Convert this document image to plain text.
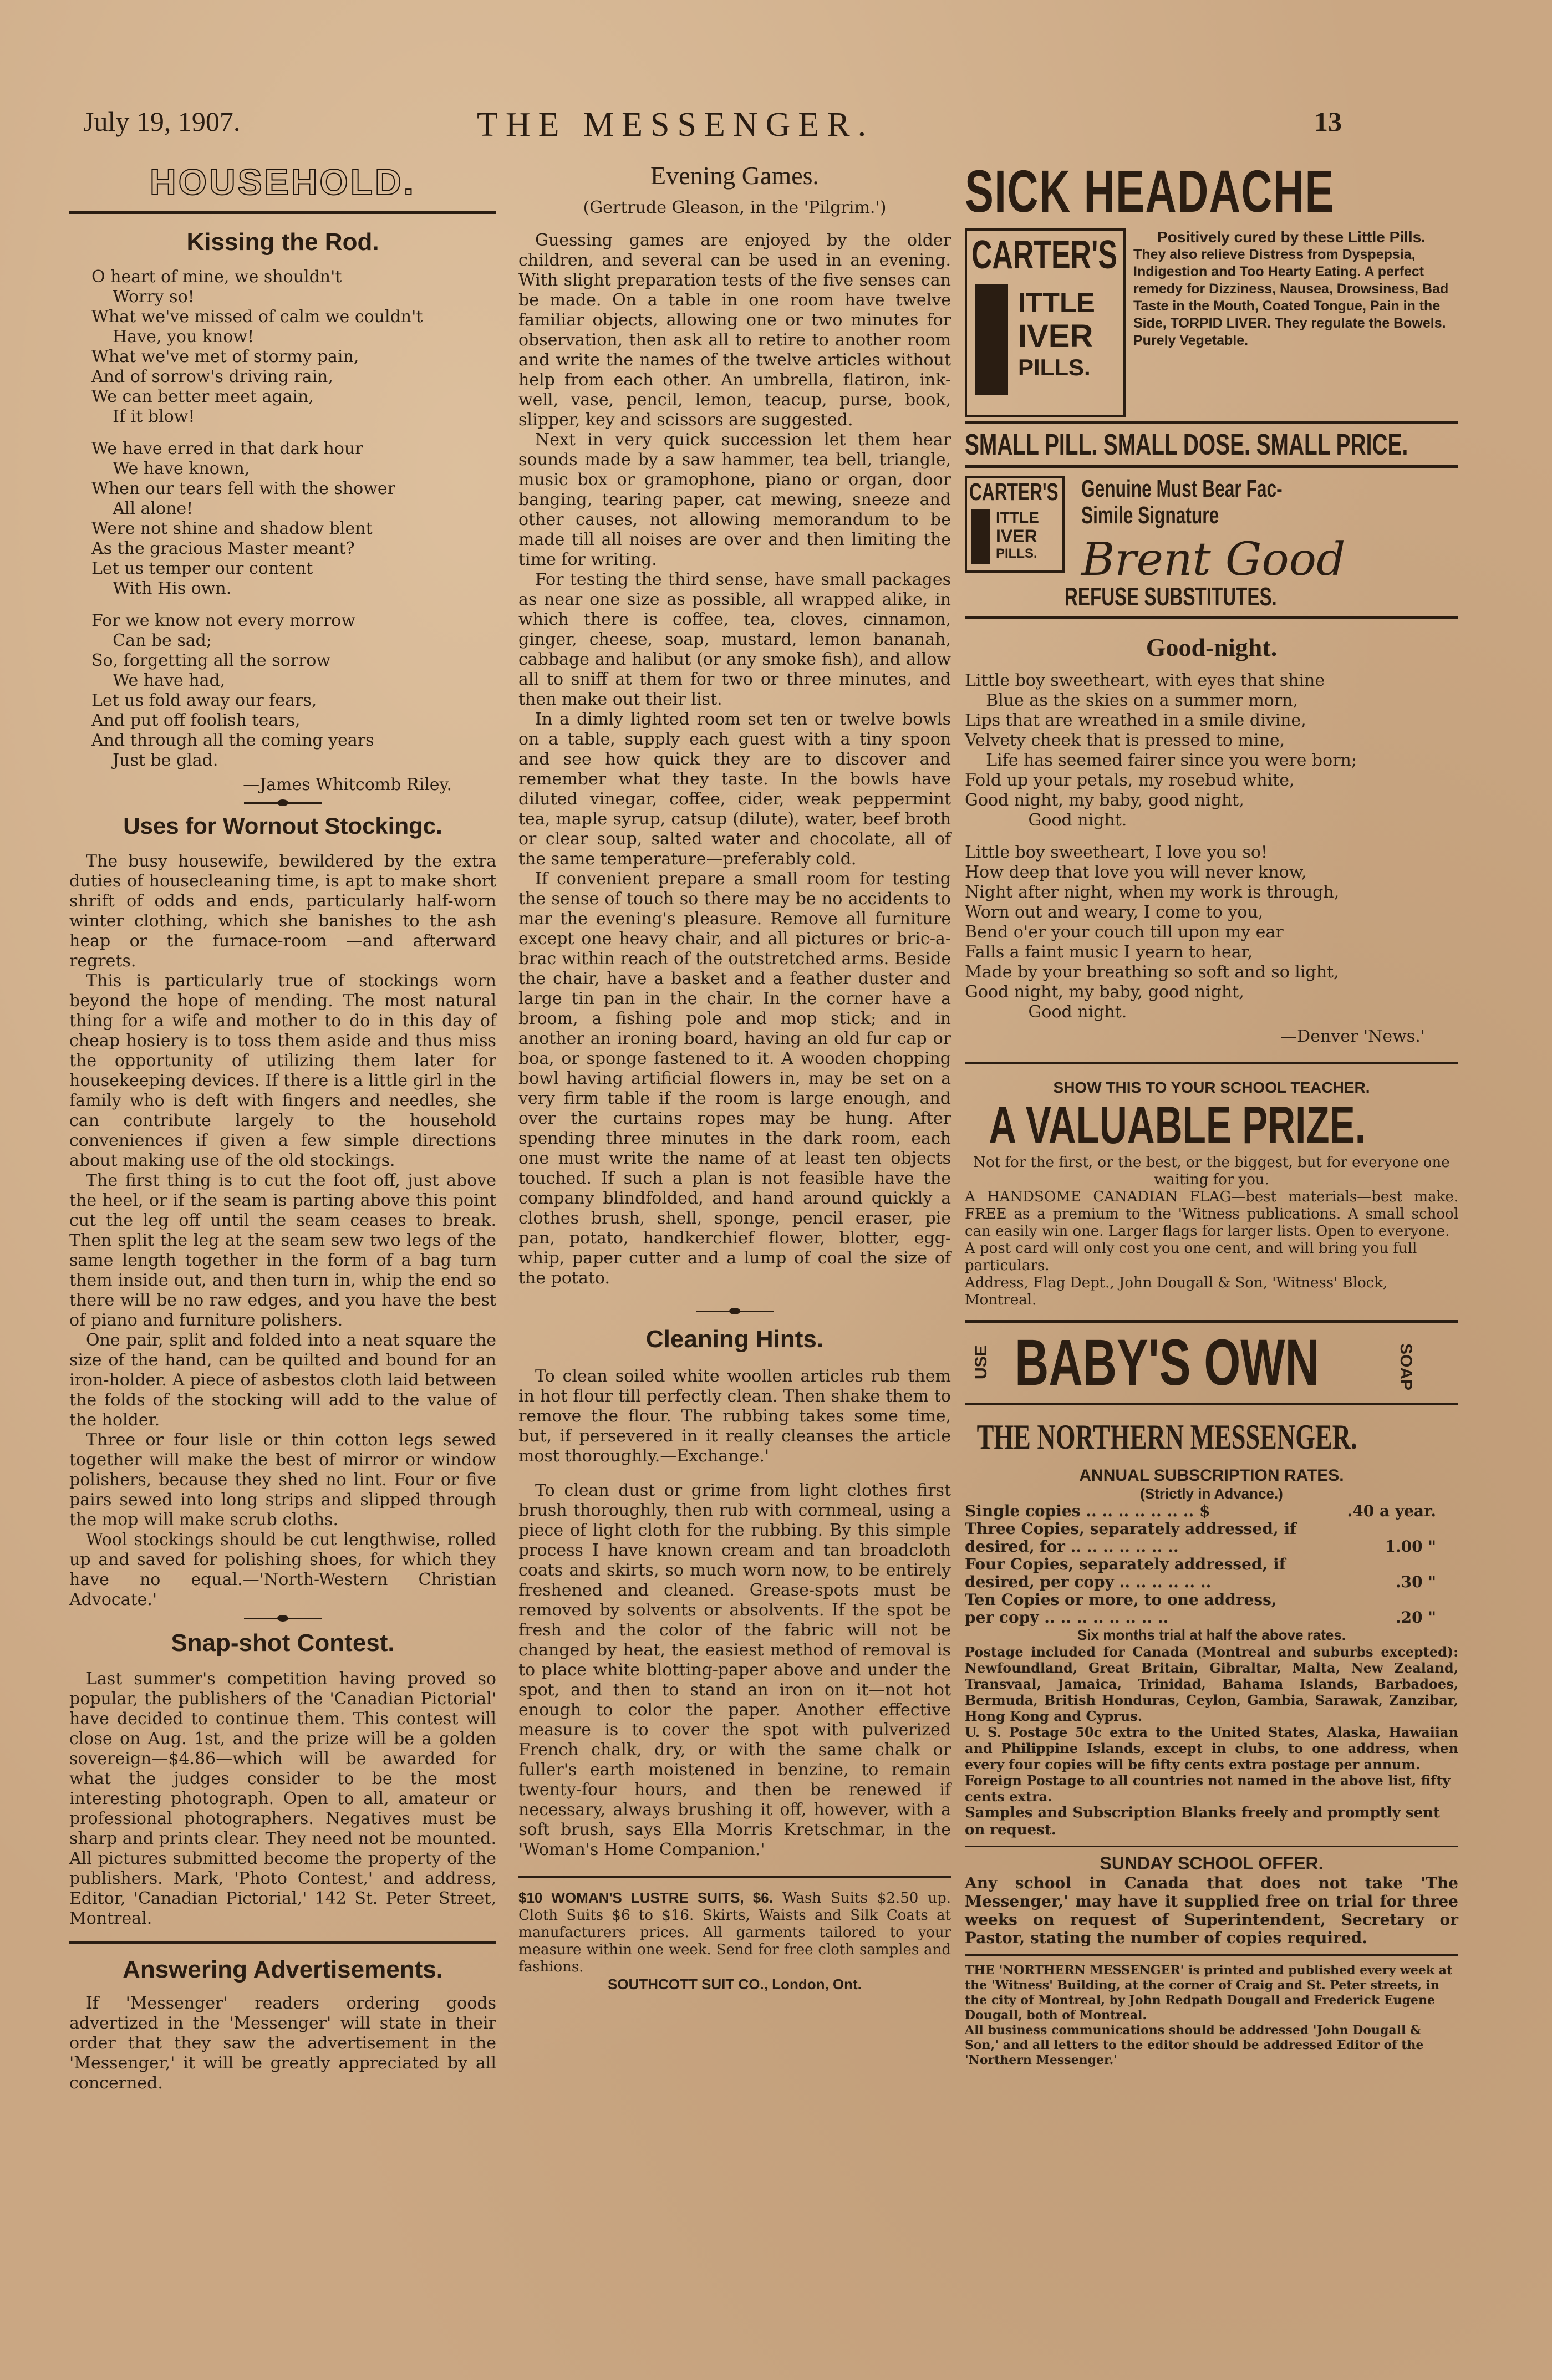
July 19, 1907.	THE MESSENGER.	13
HOUSEHOLD.
Kissing the Rod.
O heart of mine, we shouldn't
Worry so!
What we've missed of calm we couldn't
Have, you know!
What we've met of stormy pain,
And of sorrow's driving rain,
We can better meet again,
If it blow!

We have erred in that dark hour
We have known,
When our tears fell with the shower
All alone!
Were not shine and shadow blent
As the gracious Master meant?
Let us temper our content
With His own.

For we know not every morrow
Can be sad;
So, forgetting all the sorrow
We have had,
Let us fold away our fears,
And put off foolish tears,
And through all the coming years
Just be glad.
—James Whitcomb Riley.
Uses for Wornout Stockingc.

The busy housewife, bewildered by the extra duties of housecleaning time, is apt to make short shrift of odds and ends, particularly half-worn winter clothing, which she banishes to the ash heap or the furnace-room —and afterward regrets.

This is particularly true of stockings worn beyond the hope of mending. The most natural thing for a wife and mother to do in this day of cheap hosiery is to toss them aside and thus miss the opportunity of utilizing them later for housekeeping devices. If there is a little girl in the family who is deft with fingers and needles, she can contribute largely to the household conveniences if given a few simple directions about making use of the old stockings.

The first thing is to cut the foot off, just above the heel, or if the seam is parting above this point cut the leg off until the seam ceases to break. Then split the leg at the seam sew two legs of the same length together in the form of a bag turn them inside out, and then turn in, whip the end so there will be no raw edges, and you have the best of piano and furniture polishers.

One pair, split and folded into a neat square the size of the hand, can be quilted and bound for an iron-holder. A piece of asbestos cloth laid between the folds of the stocking will add to the value of the holder.

Three or four lisle or thin cotton legs sewed together will make the best of mirror or window polishers, because they shed no lint. Four or five pairs sewed into long strips and slipped through the mop will make scrub cloths.

Wool stockings should be cut lengthwise, rolled up and saved for polishing shoes, for which they have no equal.—'North-Western Christian Advocate.'

Snap-shot Contest.

Last summer's competition having proved so popular, the publishers of the 'Canadian Pictorial' have decided to continue them. This contest will close on Aug. 1st, and the prize will be a golden sovereign—$4.86—which will be awarded for what the judges consider to be the most interesting photograph. Open to all, amateur or professional photographers. Negatives must be sharp and prints clear. They need not be mounted. All pictures submitted become the property of the publishers. Mark, 'Photo Contest,' and address, Editor, 'Canadian Pictorial,' 142 St. Peter Street, Montreal.

Answering Advertisements.

If 'Messenger' readers ordering goods advertized in the 'Messenger' will state in their order that they saw the advertisement in the 'Messenger,' it will be greatly appreciated by all concerned.

Evening Games.
(Gertrude Gleason, in the 'Pilgrim.')

Guessing games are enjoyed by the older children, and several can be used in an evening. With slight preparation tests of the five senses can be made. On a table in one room have twelve familiar objects, allowing one or two minutes for observation, then ask all to retire to another room and write the names of the twelve articles without help from each other. An umbrella, flatiron, ink-well, vase, pencil, lemon, teacup, purse, book, slipper, key and scissors are suggested.

Next in very quick succession let them hear sounds made by a saw hammer, tea bell, triangle, music box or gramophone, piano or organ, door banging, tearing paper, cat mewing, sneeze and other causes, not allowing memorandum to be made till all noises are over and then limiting the time for writing.

For testing the third sense, have small packages as near one size as possible, all wrapped alike, in which there is coffee, tea, cloves, cinnamon, ginger, cheese, soap, mustard, lemon bananah, cabbage and halibut (or any smoke fish), and allow all to sniff at them for two or three minutes, and then make out their list.

In a dimly lighted room set ten or twelve bowls on a table, supply each guest with a tiny spoon and see how quick they are to discover and remember what they taste. In the bowls have diluted vinegar, coffee, cider, weak peppermint tea, maple syrup, catsup (dilute), water, beef broth or clear soup, salted water and chocolate, all of the same temperature—preferably cold.

If convenient prepare a small room for testing the sense of touch so there may be no accidents to mar the evening's pleasure. Remove all furniture except one heavy chair, and all pictures or bric-a-brac within reach of the outstretched arms. Beside the chair, have a basket and a feather duster and large tin pan in the chair. In the corner have a broom, a fishing pole and mop stick; and in another an ironing board, having an old fur cap or boa, or sponge fastened to it. A wooden chopping bowl having artificial flowers in, may be set on a very firm table if the room is large enough, and over the curtains ropes may be hung. After spending three minutes in the dark room, each one must write the name of at least ten objects touched. If such a plan is not feasible have the company blindfolded, and hand around quickly a clothes brush, shell, sponge, pencil eraser, pie pan, potato, handkerchief flower, blotter, egg-whip, paper cutter and a lump of coal the size of the potato.

Cleaning Hints.

To clean soiled white woollen articles rub them in hot flour till perfectly clean. Then shake them to remove the flour. The rubbing takes some time, but, if persevered in it really cleanses the article most thoroughly.—Exchange.'

To clean dust or grime from light clothes first brush thoroughly, then rub with cornmeal, using a piece of light cloth for the rubbing. By this simple process I have known cream and tan broadcloth coats and skirts, so much worn now, to be entirely freshened and cleaned. Grease-spots must be removed by solvents or absolvents. If the spot be fresh and the color of the fabric will not be changed by heat, the easiest method of removal is to place white blotting-paper above and under the spot, and then to stand an iron on it—not hot enough to color the paper. Another effective measure is to cover the spot with pulverized French chalk, dry, or with the same chalk or fuller's earth moistened in benzine, to remain twenty-four hours, and then be renewed if necessary, always brushing it off, however, with a soft brush, says Ella Morris Kretschmar, in the 'Woman's Home Companion.'

$10 WOMAN'S LUSTRE SUITS, $6. Wash Suits $2.50 up. Cloth Suits $6 to $16. Skirts, Waists and Silk Coats at manufacturers prices. All garments tailored to your measure within one week. Send for free cloth samples and fashions.

SOUTHCOTT SUIT CO., London, Ont.
SICK HEADACHE
CARTER'S
ITTLE
IVER
PILLS.
Positively cured by these Little Pills.
They also relieve Distress from Dyspepsia, Indigestion and Too Hearty Eating. A perfect remedy for Dizziness, Nausea, Drowsiness, Bad Taste in the Mouth, Coated Tongue, Pain in the Side, TORPID LIVER. They regulate the Bowels. Purely Vegetable.
SMALL PILL. SMALL DOSE. SMALL PRICE.
CARTER'S
ITTLE
IVER
PILLS.
Genuine Must Bear Fac-Simile Signature
Brent Good
REFUSE SUBSTITUTES.
Good-night.
Little boy sweetheart, with eyes that shine
Blue as the skies on a summer morn,
Lips that are wreathed in a smile divine,
Velvety cheek that is pressed to mine,
Life has seemed fairer since you were born;
Fold up your petals, my rosebud white,
Good night, my baby, good night,
Good night.

Little boy sweetheart, I love you so!
How deep that love you will never know,
Night after night, when my work is through,
Worn out and weary, I come to you,
Bend o'er your couch till upon my ear
Falls a faint music I yearn to hear,
Made by your breathing so soft and so light,
Good night, my baby, good night,
Good night.
—Denver 'News.'
SHOW THIS TO YOUR SCHOOL TEACHER.
A VALUABLE PRIZE.
Not for the first, or the best, or the biggest, but for everyone one waiting for you.
A HANDSOME CANADIAN FLAG—best materials—best make. FREE as a premium to the 'Witness publications. A small school can easily win one. Larger flags for larger lists. Open to everyone.
A post card will only cost you one cent, and will bring you full particulars.
Address, Flag Dept., John Dougall & Son, 'Witness' Block, Montreal.
USE BABY'S OWN	SOAP
THE NORTHERN MESSENGER.
ANNUAL SUBSCRIPTION RATES.
(Strictly in Advance.)
Single copies .. .. .. .. .. .. .. $	.40 a year.
Three Copies, separately addressed, if desired, for .. .. .. .. .. .. ..	1.00 "
Four Copies, separately addressed, if desired, per copy .. .. .. .. .. ..	.30 "
Ten Copies or more, to one address, per copy .. .. .. .. .. .. .. ..	.20 "
Six months trial at half the above rates.
Postage included for Canada (Montreal and suburbs excepted): Newfoundland, Great Britain, Gibraltar, Malta, New Zealand, Transvaal, Jamaica, Trinidad, Bahama Islands, Barbadoes, Bermuda, British Honduras, Ceylon, Gambia, Sarawak, Zanzibar, Hong Kong and Cyprus.
U. S. Postage 50c extra to the United States, Alaska, Hawaiian and Philippine Islands, except in clubs, to one address, when every four copies will be fifty cents extra postage per annum.
Foreign Postage to all countries not named in the above list, fifty cents extra.
Samples and Subscription Blanks freely and promptly sent on request.
SUNDAY SCHOOL OFFER.
Any school in Canada that does not take 'The Messenger,' may have it supplied free on trial for three weeks on request of Superintendent, Secretary or Pastor, stating the number of copies required.
THE 'NORTHERN MESSENGER' is printed and published every week at the 'Witness' Building, at the corner of Craig and St. Peter streets, in the city of Montreal, by John Redpath Dougall and Frederick Eugene Dougall, both of Montreal.
All business communications should be addressed 'John Dougall & Son,' and all letters to the editor should be addressed Editor of the 'Northern Messenger.'
